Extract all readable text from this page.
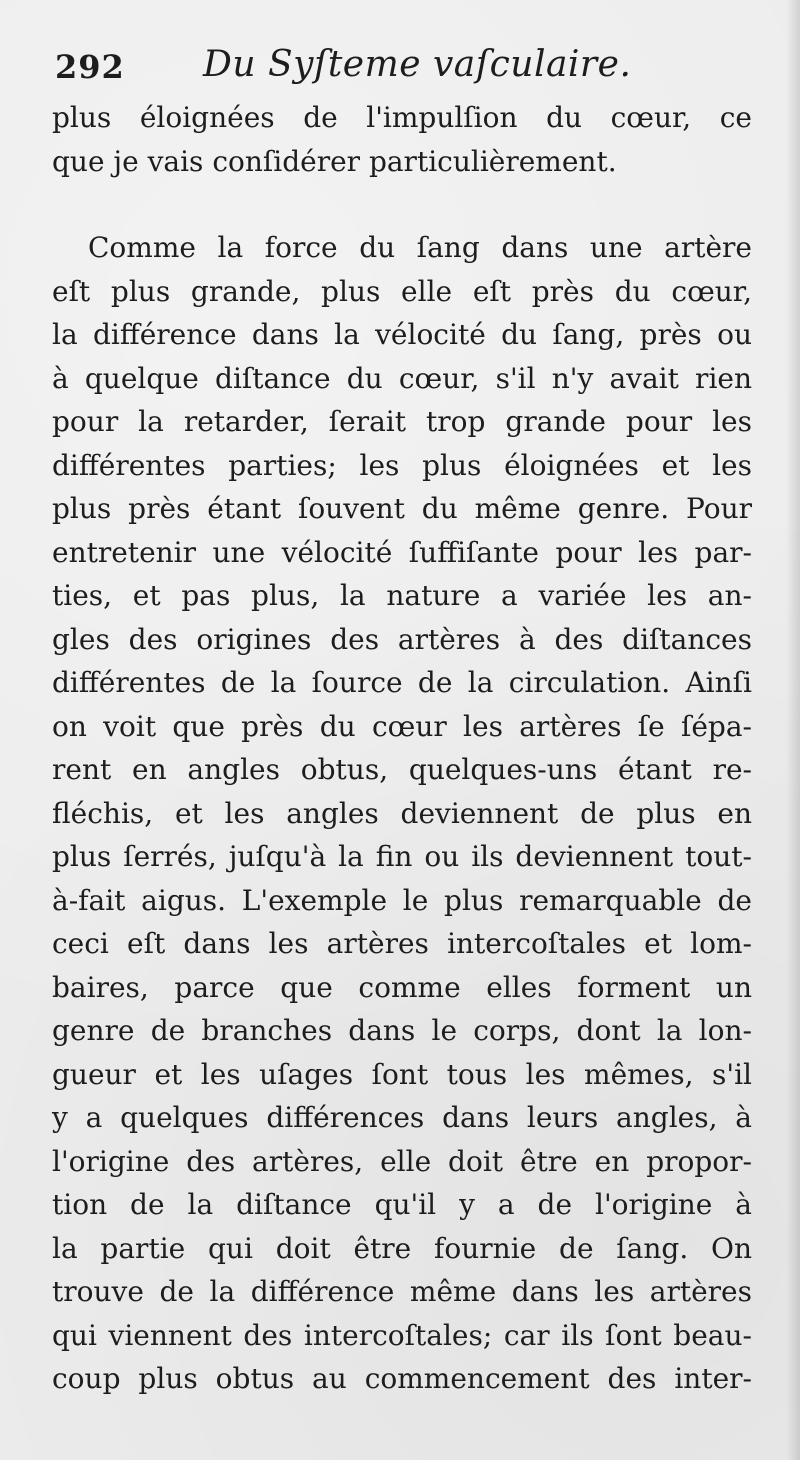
292 Du Syſteme vaſculaire.
plus éloignées de l'impulſion du cœur, ce
que je vais conſidérer particulièrement.
Comme la force du ſang dans une artère
eſt plus grande, plus elle eſt près du cœur,
la différence dans la vélocité du ſang, près ou
à quelque diſtance du cœur, s'il n'y avait rien
pour la retarder, ſerait trop grande pour les
différentes parties; les plus éloignées et les
plus près étant ſouvent du même genre. Pour
entretenir une vélocité ſuffiſante pour les par-
ties, et pas plus, la nature a variée les an-
gles des origines des artères à des diſtances
différentes de la ſource de la circulation. Ainſi
on voit que près du cœur les artères ſe ſépa-
rent en angles obtus, quelques-uns étant re-
fléchis, et les angles deviennent de plus en
plus ſerrés, juſqu'à la fin ou ils deviennent tout-
à-fait aigus. L'exemple le plus remarquable de
ceci eſt dans les artères intercoſtales et lom-
baires, parce que comme elles forment un
genre de branches dans le corps, dont la lon-
gueur et les uſages ſont tous les mêmes, s'il
y a quelques différences dans leurs angles, à
l'origine des artères, elle doit être en propor-
tion de la diſtance qu'il y a de l'origine à
la partie qui doit être fournie de ſang. On
trouve de la différence même dans les artères
qui viennent des intercoſtales; car ils ſont beau-
coup plus obtus au commencement des inter-
